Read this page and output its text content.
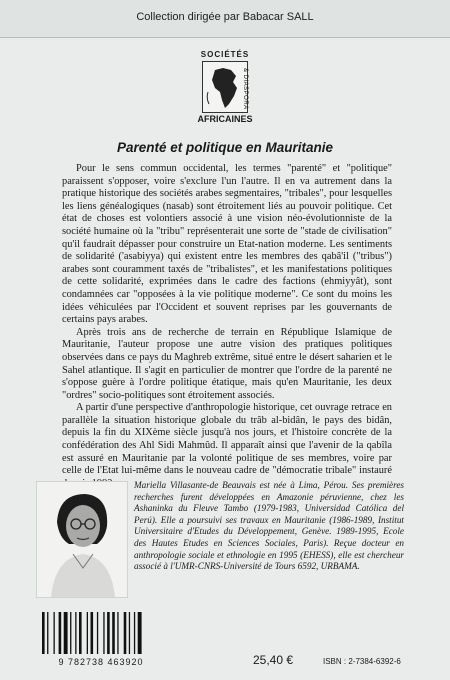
Collection dirigée par Babacar SALL
SOCIÉTÉS
& DIASPORA
AFRICAINES
Parenté et politique en Mauritanie

Pour le sens commun occidental, les termes "parenté" et "politique" paraissent s'opposer, voire s'exclure l'un l'autre. Il en va autrement dans la pratique historique des sociétés arabes segmentaires, "tribales", pour lesquelles les liens généalogiques (nasab) sont étroitement liés au pouvoir politique. Cet état de choses est volontiers associé à une vision néo-évolutionniste de la société humaine où la "tribu" représenterait une sorte de "stade de civilisation" qu'il faudrait dépasser pour construire un Etat-nation moderne. Les sentiments de solidarité ('asabiyya) qui existent entre les membres des qabâ'il ("tribus") arabes sont couramment taxés de "tribalistes", et les manifestations politiques de cette solidarité, exprimées dans le cadre des factions (ehmiyyât), sont condamnées car "opposées à la vie politique moderne". Ce sont du moins les idées véhiculées par l'Occident et souvent reprises par les gouvernants de certains pays arabes.

Après trois ans de recherche de terrain en République Islamique de Mauritanie, l'auteur propose une autre vision des pratiques politiques observées dans ce pays du Maghreb extrême, situé entre le désert saharien et le Sahel atlantique. Il s'agit en particulier de montrer que l'ordre de la parenté ne s'oppose guère à l'ordre politique étatique, mais qu'en Mauritanie, les deux "ordres" socio-politiques sont étroitement associés.

A partir d'une perspective d'anthropologie historique, cet ouvrage retrace en parallèle la situation historique globale du trâb al-bidân, le pays des bidân, depuis la fin du XIXème siècle jusqu'à nos jours, et l'histoire concrète de la confédération des Ahl Sidi Mahmûd. Il apparaît ainsi que l'avenir de la qabîla est assuré en Mauritanie par la volonté politique de ses membres, voire par celle de l'Etat lui-même dans le nouveau cadre de "démocratie tribale" instauré

Mariella Villasante-de Beauvais est née à Lima, Pérou. Ses premières recherches furent développées en Amazonie péruvienne, chez les Ashaninka du Fleuve Tambo (1979-1983, Universidad Católica del Perú). Elle a poursuivi ses travaux en Mauritanie (1986-1989, Institut Universitaire d'Etudes du Développement, Genève. 1989-1995, Ecole des Hautes Etudes en Sciences Sociales, Paris). Reçue docteur en anthropologie sociale et ethnologie en 1995 (EHESS), elle est chercheur associé à l'UMR-CNRS-Université de Tours 6592, URBAMA.
9 782738 463920	25,40 €	ISBN : 2-7384-6392-6
